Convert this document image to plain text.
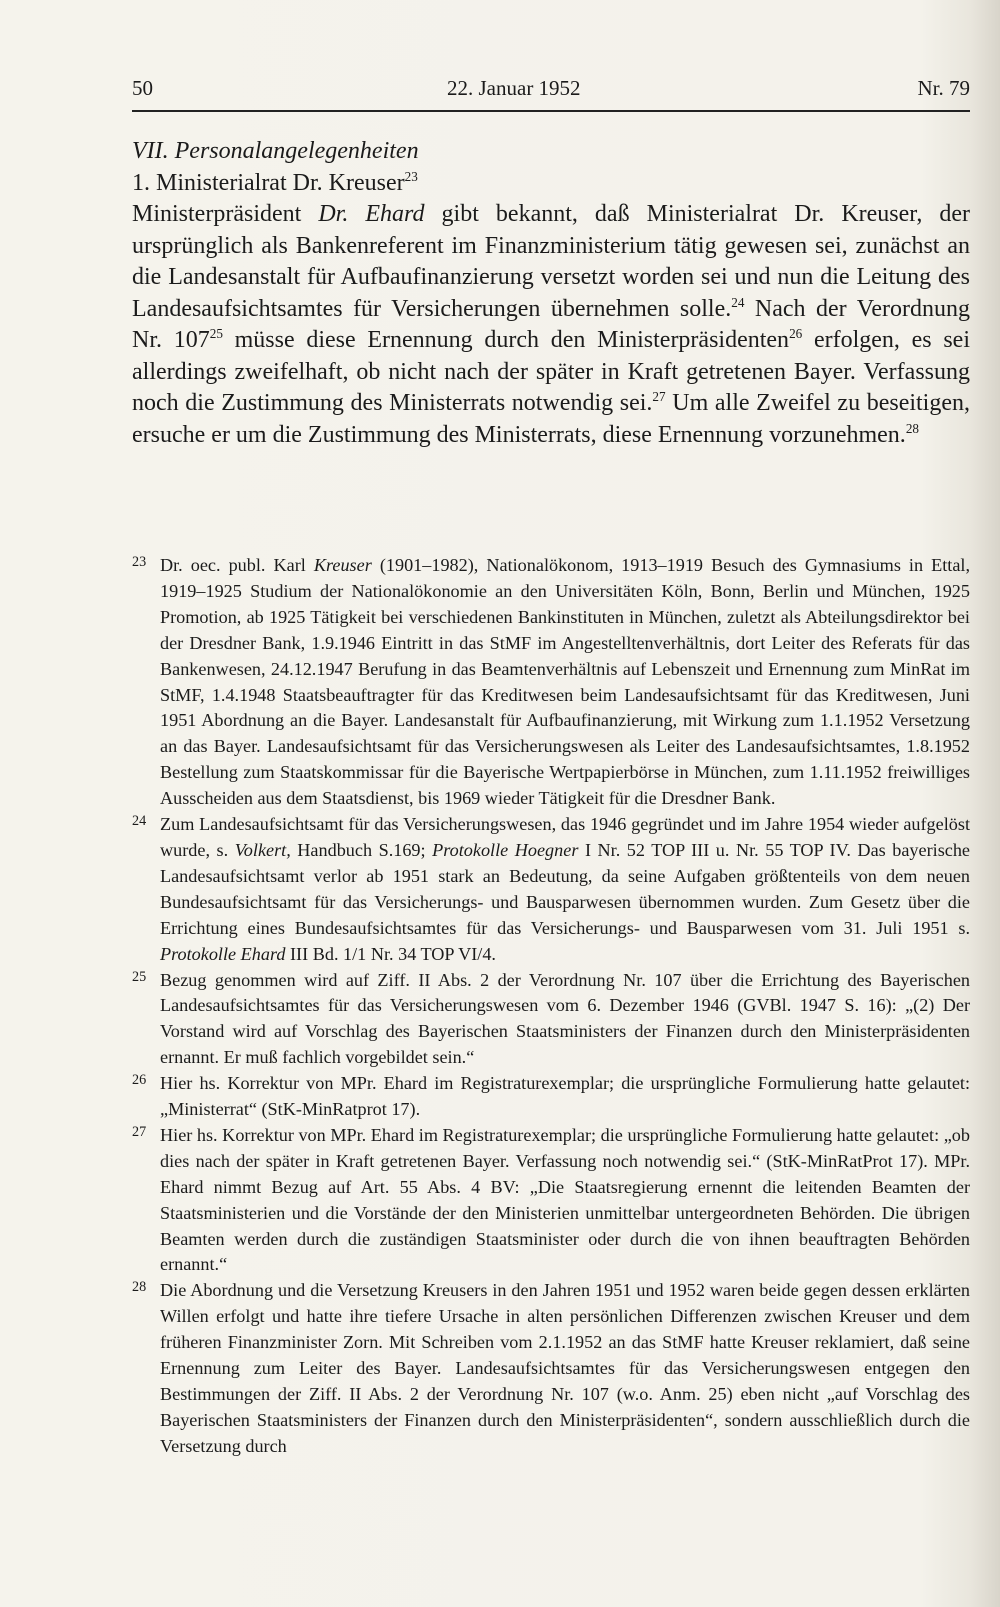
50	22. Januar 1952	Nr. 79

VII. Personalangelegenheiten

1. Ministerialrat Dr. Kreuser$^{23}$

Ministerpräsident Dr. Ehard gibt bekannt, daß Ministerialrat Dr. Kreuser, der ursprünglich als Bankenreferent im Finanzministerium tätig gewesen sei, zunächst an die Landesanstalt für Aufbaufinanzierung versetzt worden sei und nun die Leitung des Landesaufsichtsamtes für Versicherungen übernehmen solle.$^{24}$ Nach der Verordnung Nr. $107^{25}$ müsse diese Ernennung durch den Ministerpräsidenten$^{26}$ erfolgen, es sei allerdings zweifelhaft, ob nicht nach der später in Kraft getretenen Bayer. Verfassung noch die Zustimmung des Ministerrats notwendig sei.$^{27}$ Um alle Zweifel zu beseitigen, ersuche er um die Zustimmung des Ministerrats, diese Ernennung vorzunehmen.$^{28}$

23 Dr. oec. publ. Karl Kreuser (1901–1982), Nationalökonom, 1913–1919 Besuch des Gymnasiums in Ettal, 1919–1925 Studium der Nationalökonomie an den Universitäten Köln, Bonn, Berlin und München, 1925 Promotion, ab 1925 Tätigkeit bei verschiedenen Bankinstituten in München, zuletzt als Abteilungsdirektor bei der Dresdner Bank, 1.9.1946 Eintritt in das StMF im Angestelltenverhältnis, dort Leiter des Referats für das Bankenwesen, 24.12.1947 Berufung in das Beamtenverhältnis auf Lebenszeit und Ernennung zum MinRat im StMF, 1.4.1948 Staatsbeauftragter für das Kreditwesen beim Landesaufsichtsamt für das Kreditwesen, Juni 1951 Abordnung an die Bayer. Landesanstalt für Aufbaufinanzierung, mit Wirkung zum 1.1.1952 Versetzung an das Bayer. Landesaufsichtsamt für das Versicherungswesen als Leiter des Landesaufsichtsamtes, 1.8.1952 Bestellung zum Staatskommissar für die Bayerische Wertpapierbörse in München, zum 1.11.1952 freiwilliges Ausscheiden aus dem Staatsdienst, bis 1969 wieder Tätigkeit für die Dresdner Bank.

24 Zum Landesaufsichtsamt für das Versicherungswesen, das 1946 gegründet und im Jahre 1954 wieder aufgelöst wurde, s. Volkert, Handbuch S.169; Protokolle Hoegner I Nr. 52 TOP III u. Nr. 55 TOP IV. Das bayerische Landesaufsichtsamt verlor ab 1951 stark an Bedeutung, da seine Aufgaben größtenteils von dem neuen Bundesaufsichtsamt für das Versicherungs- und Bausparwesen übernommen wurden. Zum Gesetz über die Errichtung eines Bundesaufsichtsamtes für das Versicherungs- und Bausparwesen vom 31. Juli 1951 s. Protokolle Ehard III Bd. 1/1 Nr. 34 TOP VI/4.

25 Bezug genommen wird auf Ziff. II Abs. 2 der Verordnung Nr. 107 über die Errichtung des Bayerischen Landesaufsichtsamtes für das Versicherungswesen vom 6. Dezember 1946 (GVBl. 1947 S. 16): „(2) Der Vorstand wird auf Vorschlag des Bayerischen Staatsministers der Finanzen durch den Ministerpräsidenten ernannt. Er muß fachlich vorgebildet sein.“

26 Hier hs. Korrektur von MPr. Ehard im Registraturexemplar; die ursprüngliche Formulierung hatte gelautet: „Ministerrat“ (StK-MinRatprot 17).

27 Hier hs. Korrektur von MPr. Ehard im Registraturexemplar; die ursprüngliche Formulierung hatte gelautet: „ob dies nach der später in Kraft getretenen Bayer. Verfassung noch notwendig sei.“ (StK-MinRatProt 17). MPr. Ehard nimmt Bezug auf Art. 55 Abs. 4 BV: „Die Staatsregierung ernennt die leitenden Beamten der Staatsministerien und die Vorstände der den Ministerien unmittelbar untergeordneten Behörden. Die übrigen Beamten werden durch die zuständigen Staatsminister oder durch die von ihnen beauftragten Behörden ernannt.“

28 Die Abordnung und die Versetzung Kreusers in den Jahren 1951 und 1952 waren beide gegen dessen erklärten Willen erfolgt und hatte ihre tiefere Ursache in alten persönlichen Differenzen zwischen Kreuser und dem früheren Finanzminister Zorn. Mit Schreiben vom 2.1.1952 an das StMF hatte Kreuser reklamiert, daß seine Ernennung zum Leiter des Bayer. Landesaufsichtsamtes für das Versicherungswesen entgegen den Bestimmungen der Ziff. II Abs. 2 der Verordnung Nr. 107 (w.o. Anm. 25) eben nicht „auf Vorschlag des Bayerischen Staatsministers der Finanzen durch den Ministerpräsidenten“, sondern ausschließlich durch die Versetzung durch
